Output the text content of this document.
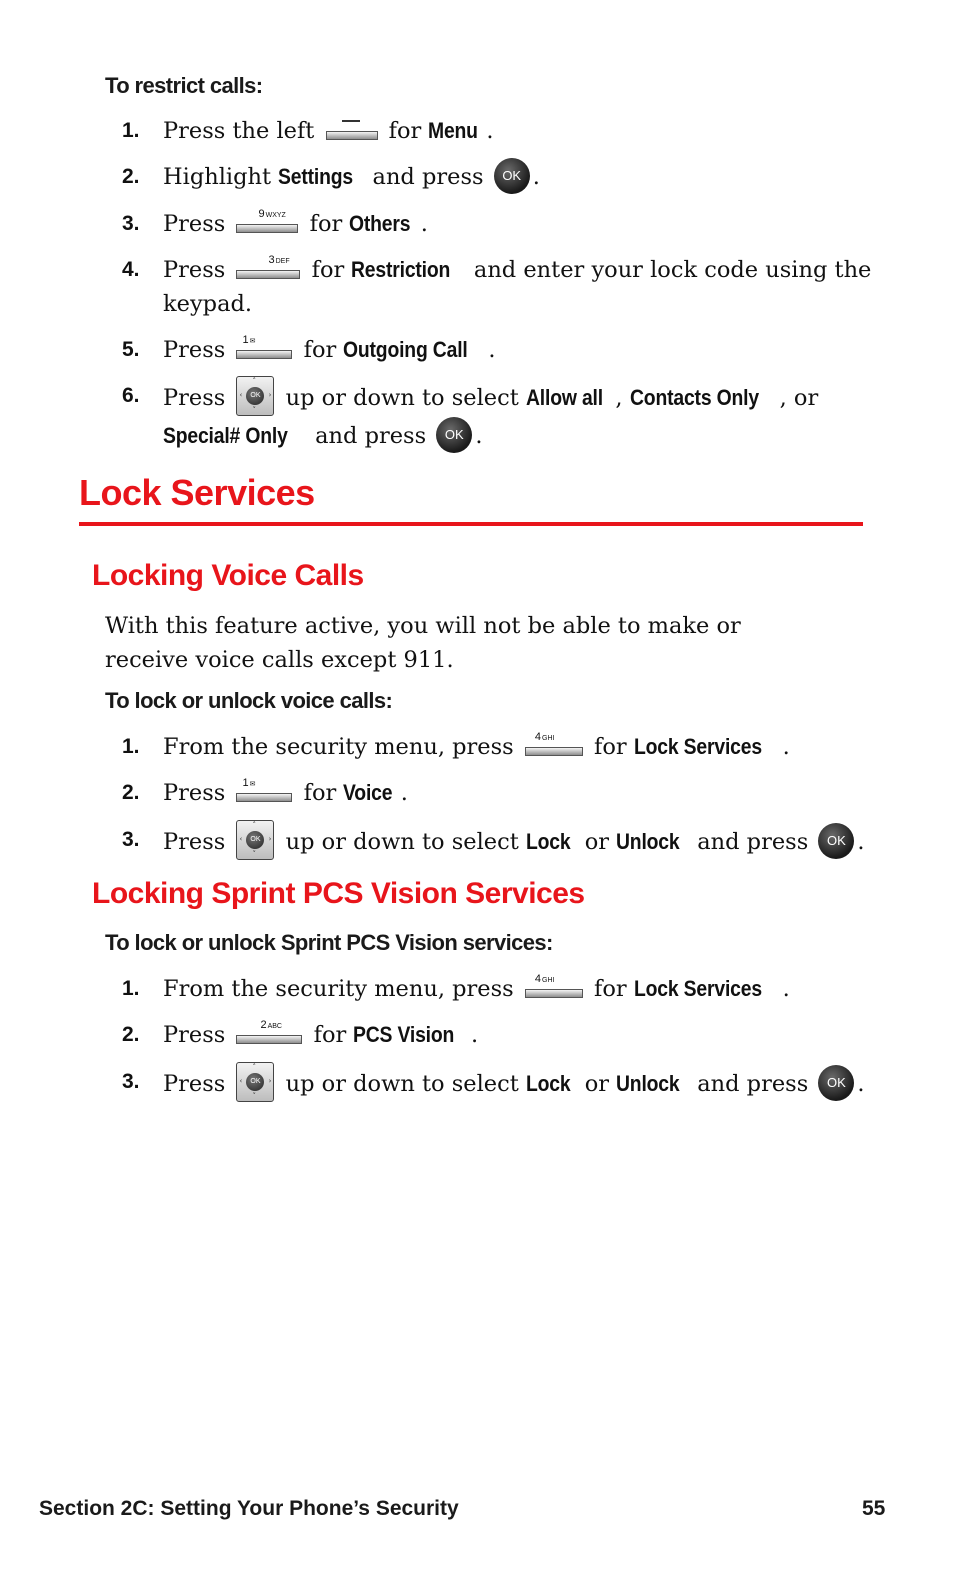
To restrict calls:
1.	Press the left	for Menu .
2.	Highlight Settings and press OK .
3.	Press	9WXYZ for Others .
4.	Press	3DEF for Restriction and enter your lock code using the keypad.
5.	Press 1✉ for Outgoing Call .
6.	Press
˄
˅
‹	›
OK up or down to select Allow all , Contacts Only , or Special# Only and press OK .
Lock Services
Locking Voice Calls
With this feature active, you will not be able to make or receive voice calls except 911.
To lock or unlock voice calls:
1.	From the security menu, press 4GHI for Lock Services .
2.	Press 1✉ for Voice .
3.	Press
˄
˅
‹	›
OK up or down to select Lock or Unlock and press OK .
Locking Sprint PCS Vision Services
To lock or unlock Sprint PCS Vision services:
1.	From the security menu, press 4GHI for Lock Services .
2.	Press	2ABC for PCS Vision .
3.	Press
˄
˅
‹	›
OK up or down to select Lock or Unlock and press OK .
Section 2C: Setting Your Phone’s Security	55
